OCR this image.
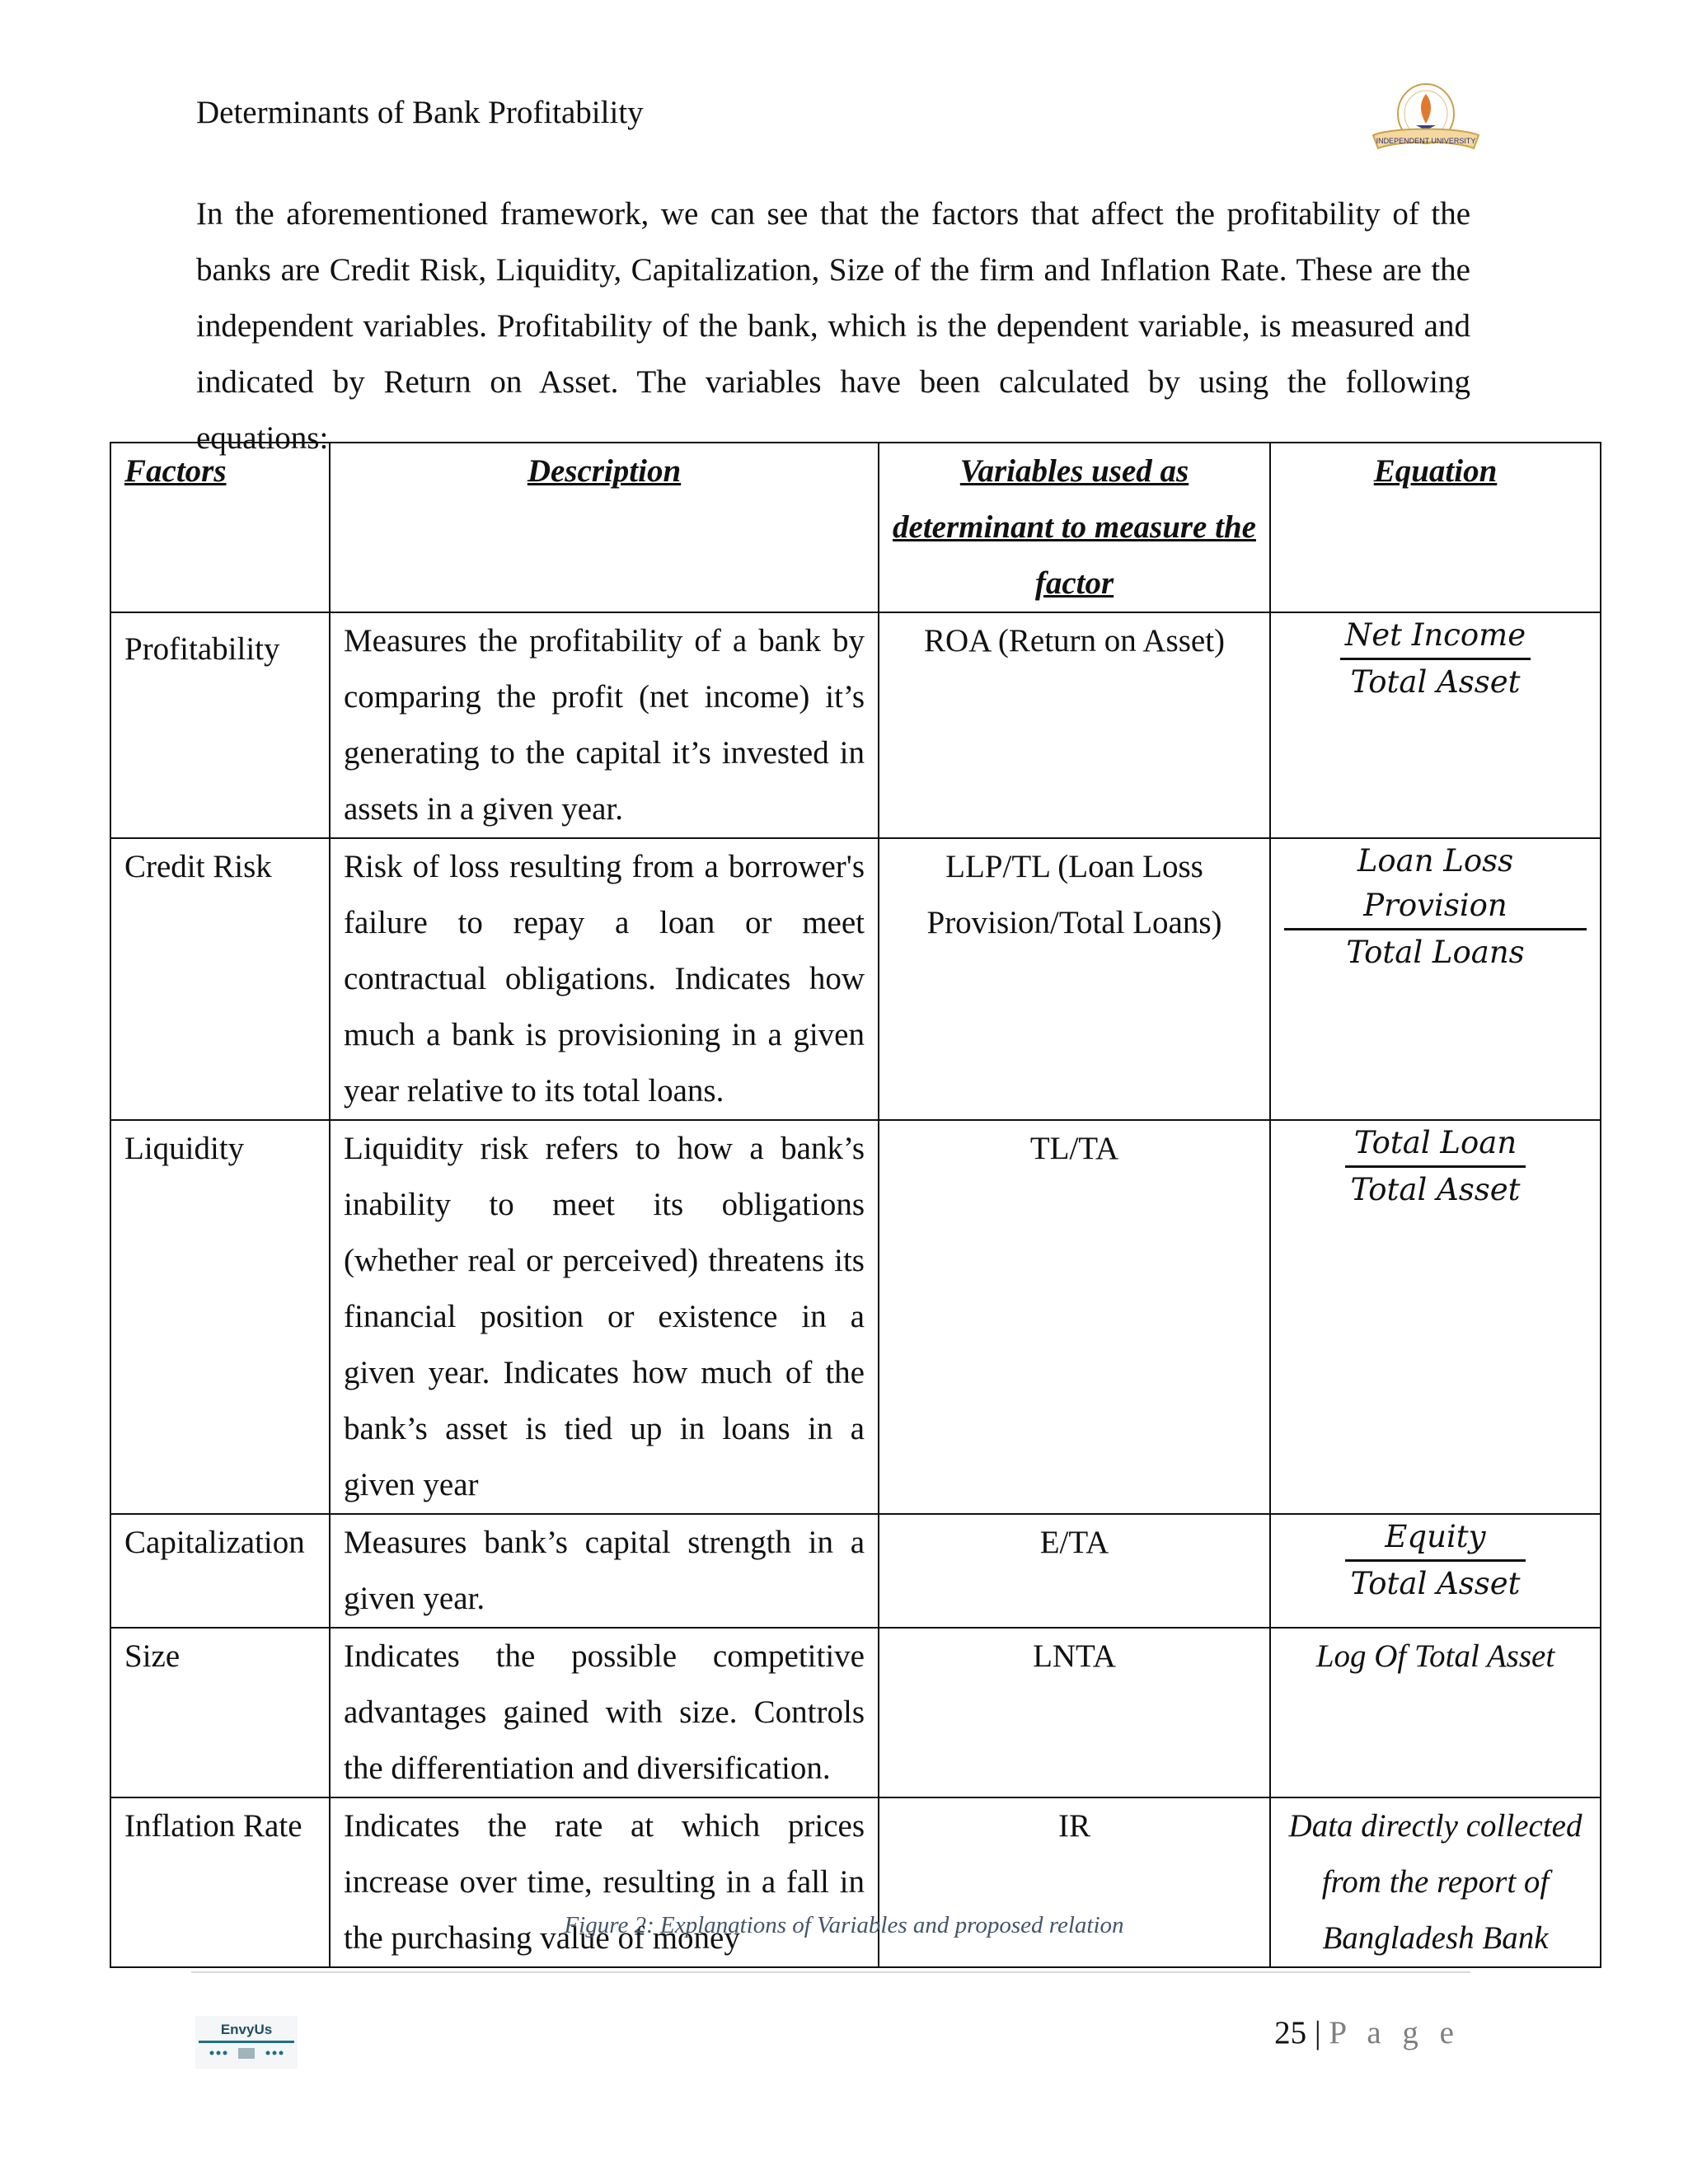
Determinants of Bank Profitability
INDEPENDENT UNIVERSITY

In the aforementioned framework, we can see that the factors that affect the profitability of the banks are Credit Risk, Liquidity, Capitalization, Size of the firm and Inflation Rate. These are the independent variables. Profitability of the bank, which is the dependent variable, is measured and indicated by Return on Asset. The variables have been calculated by using the following equations:

Factors	Description	Variables used as determinant to measure the factor	Equation
Profitability	Measures the profitability of a bank by comparing the profit (net income) it’s generating to the capital it’s invested in assets in a given year.	ROA (Return on Asset)	$\frac{\text{Net Income}}{\text{Total Asset}}$

Credit Risk	Risk of loss resulting from a borrower's failure to repay a loan or meet contractual obligations. Indicates how much a bank is provisioning in a given year relative to its total loans.	LLP/TL (Loan Loss Provision/Total Loans)	$\frac{\text{Loan Loss Provision}}{\text{Total Loans}}$

Liquidity	Liquidity risk refers to how a bank’s inability to meet its obligations (whether real or perceived) threatens its financial position or existence in a given year. Indicates how much of the bank’s asset is tied up in loans in a given year	TL/TA	$\frac{\text{Total Loan}}{\text{Total Asset}}$

Capitalization	Measures bank’s capital strength in a given year.	E/TA	$\frac{\text{Equity}}{\text{Total Asset}}$

Size	Indicates the possible competitive advantages gained with size. Controls the differentiation and diversification.	LNTA	Log Of Total Asset
Inflation Rate	Indicates the rate at which prices increase over time, resulting in a fall in the purchasing value of money	IR	Data directly collected from the report of Bangladesh Bank
Figure 2: Explanations of Variables and proposed relation
EnvyUs	25 | P a g e
